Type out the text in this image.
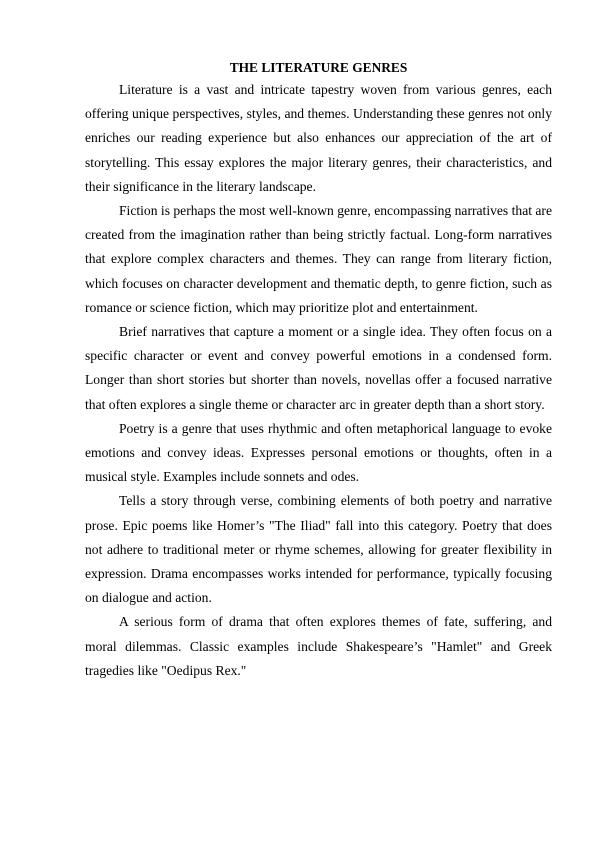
THE LITERATURE GENRES

Literature is a vast and intricate tapestry woven from various genres, each offering unique perspectives, styles, and themes. Understanding these genres not only enriches our reading experience but also enhances our appreciation of the art of storytelling. This essay explores the major literary genres, their characteristics, and their significance in the literary landscape.

Fiction is perhaps the most well-known genre, encompassing narratives that are created from the imagination rather than being strictly factual. Long-form narratives that explore complex characters and themes. They can range from literary fiction, which focuses on character development and thematic depth, to genre fiction, such as romance or science fiction, which may prioritize plot and entertainment.

Brief narratives that capture a moment or a single idea. They often focus on a specific character or event and convey powerful emotions in a condensed form. Longer than short stories but shorter than novels, novellas offer a focused narrative that often explores a single theme or character arc in greater depth than a short story.

Poetry is a genre that uses rhythmic and often metaphorical language to evoke emotions and convey ideas. Expresses personal emotions or thoughts, often in a musical style. Examples include sonnets and odes.

Tells a story through verse, combining elements of both poetry and narrative prose. Epic poems like Homer’s "The Iliad" fall into this category. Poetry that does not adhere to traditional meter or rhyme schemes, allowing for greater flexibility in expression. Drama encompasses works intended for performance, typically focusing on dialogue and action.

A serious form of drama that often explores themes of fate, suffering, and moral dilemmas. Classic examples include Shakespeare’s "Hamlet" and Greek tragedies like "Oedipus Rex."
